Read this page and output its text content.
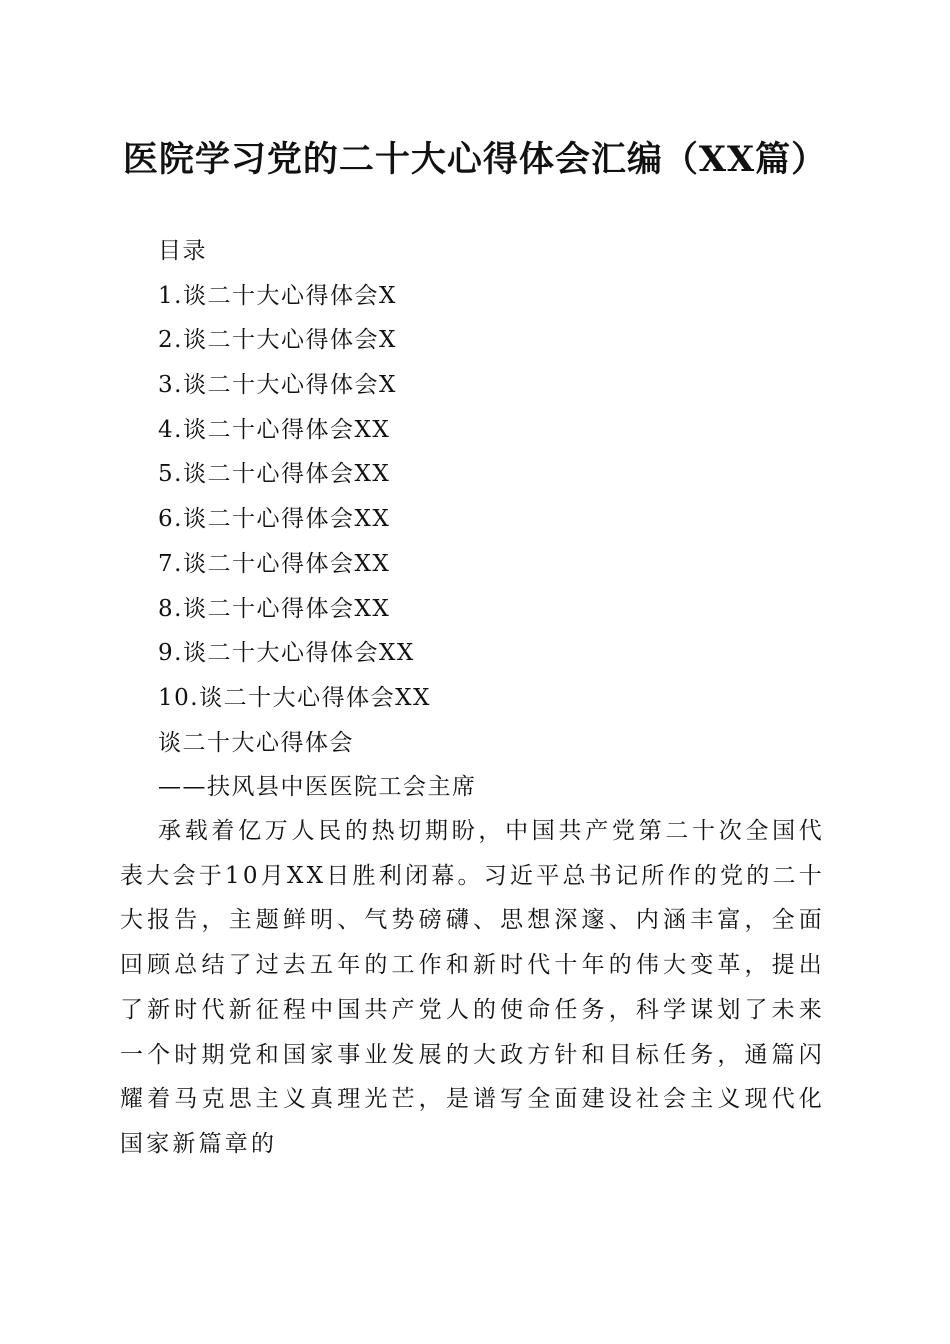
医院学习党的二十大心得体会汇编（XX篇）
目录
1.谈二十大心得体会X
2.谈二十大心得体会X
3.谈二十大心得体会X
4.谈二十心得体会XX
5.谈二十心得体会XX
6.谈二十心得体会XX
7.谈二十心得体会XX
8.谈二十心得体会XX
9.谈二十大心得体会XX
10.谈二十大心得体会XX
谈二十大心得体会
——扶风县中医医院工会主席

承载着亿万人民的热切期盼，中国共产党第二十次全国代表大会于10月XX日胜利闭幕。习近平总书记所作的党的二十大报告，主题鲜明、气势磅礴、思想深邃、内涵丰富，全面回顾总结了过去五年的工作和新时代十年的伟大变革，提出了新时代新征程中国共产党人的使命任务，科学谋划了未来一个时期党和国家事业发展的大政方针和目标任务，通篇闪耀着马克思主义真理光芒，是谱写全面建设社会主义现代化国家新篇章的
